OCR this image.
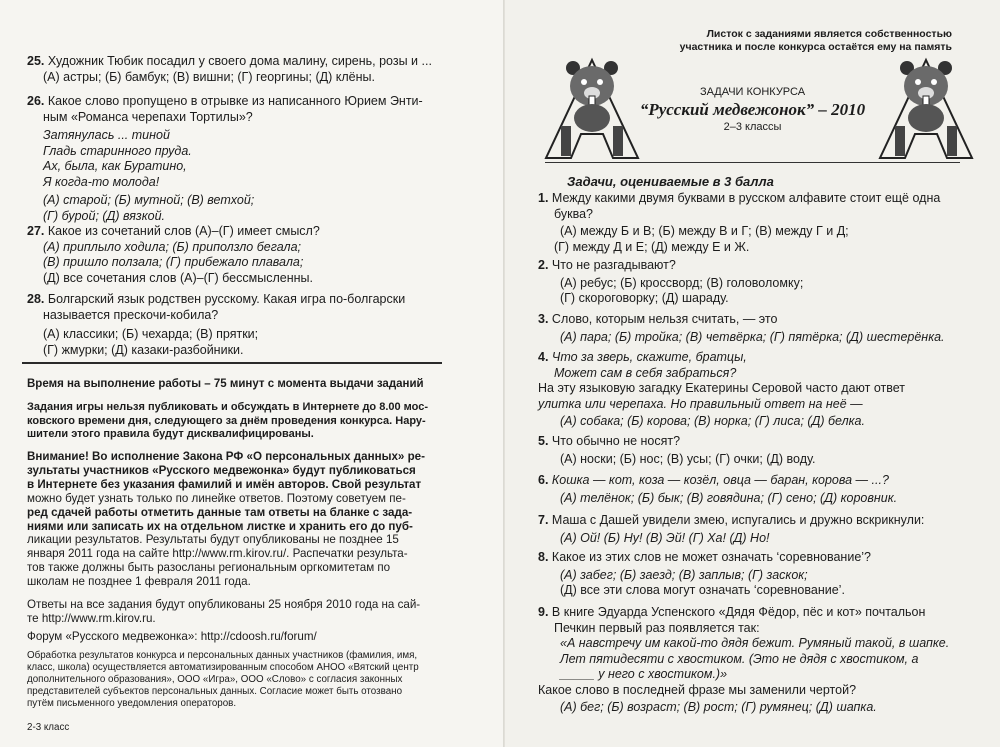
25. Художник Тюбик посадил у своего дома малину, сирень, розы и ...
(А) астры; (Б) бамбук; (В) вишни; (Г) георгины; (Д) клёны.
26. Какое слово пропущено в отрывке из написанного Юрием Энти-
ным «Романса черепахи Тортилы»?
Затянулась ... тиной
Гладь старинного пруда.
Ах, была, как Буратино,
Я когда-то молода!
(А) старой; (Б) мутной; (В) ветхой;
(Г) бурой; (Д) вязкой.
27. Какое из сочетаний слов (А)–(Г) имеет смысл?
(А) приплыло ходила; (Б) приползло бегала;
(В) пришло ползала; (Г) прибежало плавала;
(Д) все сочетания слов (А)–(Г) бессмысленны.
28. Болгарский язык родствен русскому. Какая игра по-болгарски
называется прескочи-кобила?
(А) классики; (Б) чехарда; (В) прятки;
(Г) жмурки; (Д) казаки-разбойники.
Время на выполнение работы – 75 минут с момента выдачи заданий
Задания игры нельзя публиковать и обсуждать в Интернете до 8.00 мос-
ковского времени дня, следующего за днём проведения конкурса. Нару-
шители этого правила будут дисквалифицированы.
Внимание! Во исполнение Закона РФ «О персональных данных» ре-
зультаты участников «Русского медвежонка» будут публиковаться
в Интернете без указания фамилий и имён авторов. Свой результат
можно будет узнать только по линейке ответов. Поэтому советуем пе-
ред сдачей работы отметить данные там ответы на бланке с зада-
ниями или записать их на отдельном листке и хранить его до пуб-
ликации результатов. Результаты будут опубликованы не позднее 15
января 2011 года на сайте http://www.rm.kirov.ru/. Распечатки результа-
тов также должны быть разосланы региональным оргкомитетам по
школам не позднее 1 февраля 2011 года.
Ответы на все задания будут опубликованы 25 ноября 2010 года на сай-
те http://www.rm.kirov.ru.
Форум «Русского медвежонка»: http://cdoosh.ru/forum/
Обработка результатов конкурса и персональных данных участников (фамилия, имя,
класс, школа) осуществляется автоматизированным способом АНОО «Вятский центр
дополнительного образования», ООО «Игра», ООО «Слово» с согласия законных
представителей субъектов персональных данных. Согласие может быть отозвано
путём письменного уведомления операторов.
2-3 класс
Листок с заданиями является собственностью
участника и после конкурса остаётся ему на память
ЗАДАЧИ КОНКУРСА
“Русский медвежонок” – 2010
2–3 классы
Задачи, оцениваемые в 3 балла
1. Между какими двумя буквами в русском алфавите стоит ещё одна
буква?
(А) между Б и В; (Б) между В и Г; (В) между Г и Д;
(Г) между Д и Е; (Д) между Е и Ж.
2. Что не разгадывают?
(А) ребус; (Б) кроссворд; (В) головоломку;
(Г) скороговорку; (Д) шараду.
3. Слово, которым нельзя считать, — это
(А) пара; (Б) тройка; (В) четвёрка; (Г) пятёрка; (Д) шестерёнка.
4. Что за зверь, скажите, братцы,
Может сам в себя забраться?
На эту языковую загадку Екатерины Серовой часто дают ответ
улитка или черепаха. Но правильный ответ на неё —
(А) собака; (Б) корова; (В) норка; (Г) лиса; (Д) белка.
5. Что обычно не носят?
(А) носки; (Б) нос; (В) усы; (Г) очки; (Д) воду.
6. Кошка — кот, коза — козёл, овца — баран, корова — ...?
(А) телёнок; (Б) бык; (В) говядина; (Г) сено; (Д) коровник.
7. Маша с Дашей увидели змею, испугались и дружно вскрикнули:
(А) Ой! (Б) Ну! (В) Эй! (Г) Ха! (Д) Но!
8. Какое из этих слов не может означать ‘соревнование’?
(А) забег; (Б) заезд; (В) заплыв; (Г) заскок;
(Д) все эти слова могут означать ‘соревнование’.
9. В книге Эдуарда Успенского «Дядя Фёдор, пёс и кот» почтальон
Печкин первый раз появляется так:
«А навстречу им какой-то дядя бежит. Румяный такой, в шапке.
Лет пятидесяти с хвостиком. (Это не дядя с хвостиком, а
_____ у него с хвостиком.)»
Какое слово в последней фразе мы заменили чертой?
(А) бег; (Б) возраст; (В) рост; (Г) румянец; (Д) шапка.
